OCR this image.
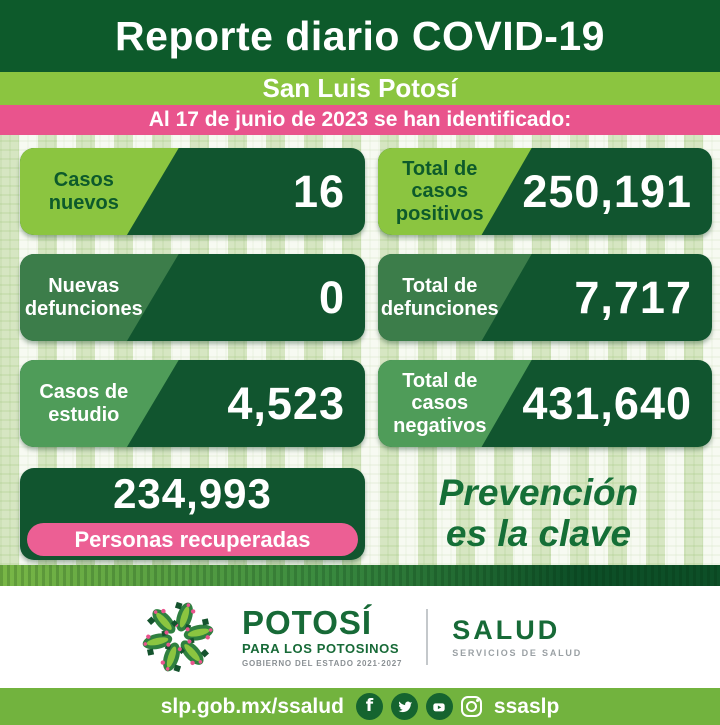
Reporte diario COVID-19
San Luis Potosí
Al 17 de junio de 2023 se han identificado:
Casos nuevos	16	Total de casos positivos 250,191
Nuevas defunciones	0	Total de defunciones 7,717
Casos de estudio	4,523	Total de casos negativos 431,640
234,993
Personas recuperadas
Prevención
es la clave
POTOSÍ
PARA LOS POTOSINOS
GOBIERNO DEL ESTADO 2021·2027
SALUD
SERVICIOS DE SALUD
slp.gob.mx/ssalud f	ssaslp
